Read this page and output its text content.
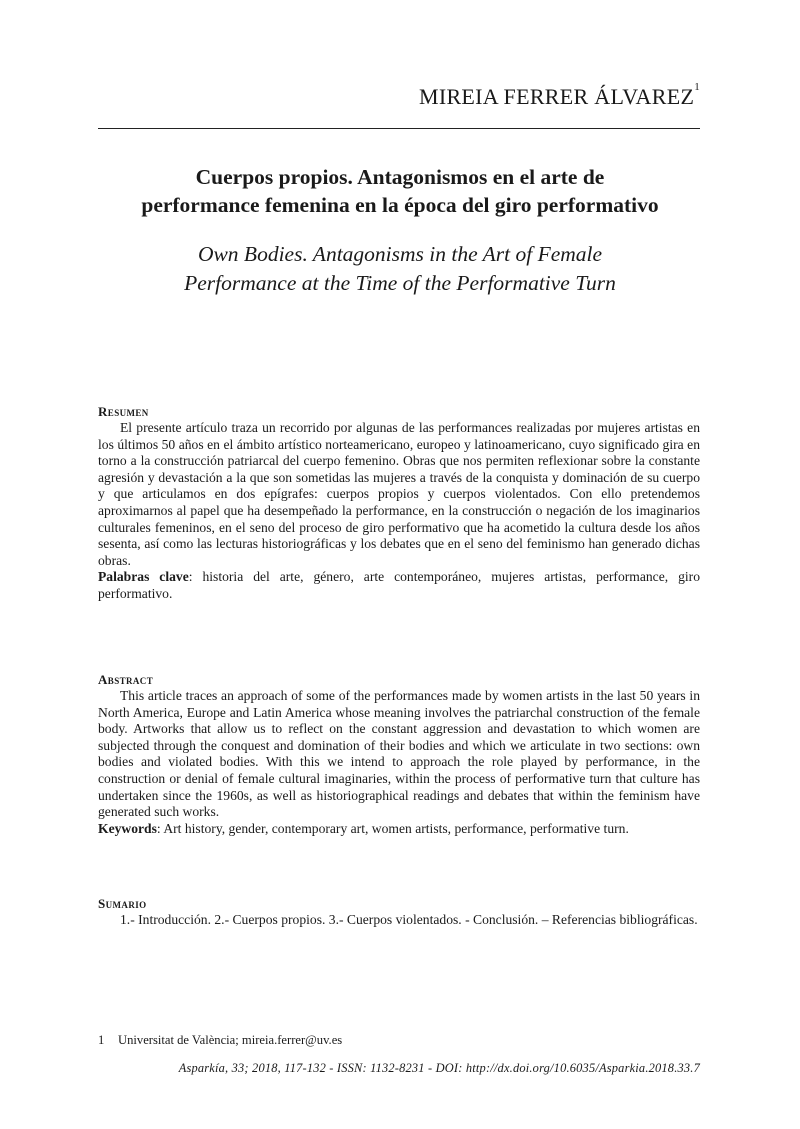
MIREIA FERRER ÁLVAREZ$^1$
Cuerpos propios. Antagonismos en el arte de
performance femenina en la época del giro performativo
Own Bodies. Antagonisms in the Art of Female
Performance at the Time of the Performative Turn
Resumen

El presente artículo traza un recorrido por algunas de las performances realizadas por mujeres artistas en los últimos 50 años en el ámbito artístico norteamericano, europeo y latinoamericano, cuyo significado gira en torno a la construcción patriarcal del cuerpo femenino. Obras que nos permiten reflexionar sobre la constante agresión y devastación a la que son sometidas las mujeres a través de la conquista y dominación de su cuerpo y que articulamos en dos epígrafes: cuerpos propios y cuerpos violentados. Con ello pretendemos aproximarnos al papel que ha desempeñado la performance, en la construcción o negación de los imaginarios culturales femeninos, en el seno del proceso de giro performativo que ha acometido la cultura desde los años sesenta, así como las lecturas historiográficas y los debates que en el seno del feminismo han generado dichas obras.

Palabras clave: historia del arte, género, arte contemporáneo, mujeres artistas, performance, giro performativo.

Abstract

This article traces an approach of some of the performances made by women artists in the last 50 years in North America, Europe and Latin America whose meaning involves the patriarchal construction of the female body. Artworks that allow us to reflect on the constant aggression and devastation to which women are subjected through the conquest and domination of their bodies and which we articulate in two sections: own bodies and violated bodies. With this we intend to approach the role played by performance, in the construction or denial of female cultural imaginaries, within the process of performative turn that culture has undertaken since the 1960s, as well as historiographical readings and debates that within the feminism have generated such works.

Keywords: Art history, gender, contemporary art, women artists, performance, performative turn.

Sumario

1.- Introducción. 2.- Cuerpos propios. 3.- Cuerpos violentados. - Conclusión. – Referencias bibliográficas.

1 Universitat de València; mireia.ferrer@uv.es
Asparkía, 33; 2018, 117-132 - ISSN: 1132-8231 - DOI: http://dx.doi.org/10.6035/Asparkia.2018.33.7
